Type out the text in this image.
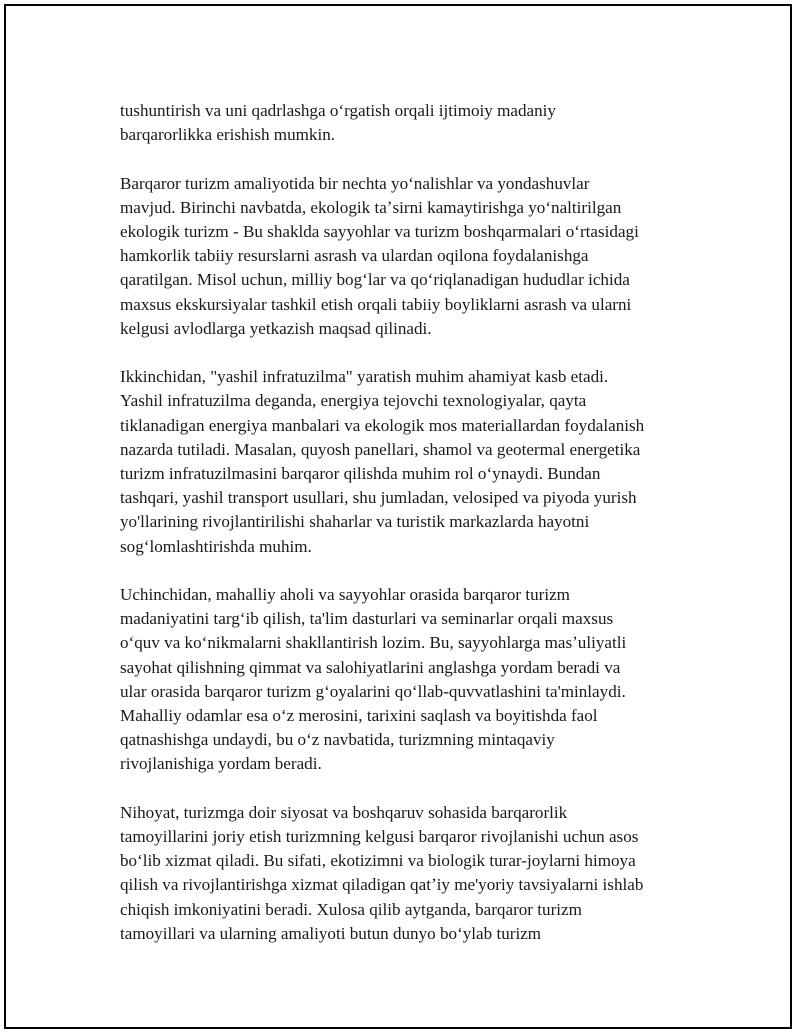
tushuntirish va uni qadrlashga oʻrgatish orqali ijtimoiy madaniy
barqarorlikka erishish mumkin.

Barqaror turizm amaliyotida bir nechta yoʻnalishlar va yondashuvlar
mavjud. Birinchi navbatda, ekologik taʼsirni kamaytirishga yoʻnaltirilgan
ekologik turizm - Bu shaklda sayyohlar va turizm boshqarmalari oʻrtasidagi
hamkorlik tabiiy resurslarni asrash va ulardan oqilona foydalanishga
qaratilgan. Misol uchun, milliy bogʻlar va qoʻriqlanadigan hududlar ichida
maxsus ekskursiyalar tashkil etish orqali tabiiy boyliklarni asrash va ularni
kelgusi avlodlarga yetkazish maqsad qilinadi.

Ikkinchidan, "yashil infratuzilma" yaratish muhim ahamiyat kasb etadi.
Yashil infratuzilma deganda, energiya tejovchi texnologiyalar, qayta
tiklanadigan energiya manbalari va ekologik mos materiallardan foydalanish
nazarda tutiladi. Masalan, quyosh panellari, shamol va geotermal energetika
turizm infratuzilmasini barqaror qilishda muhim rol oʻynaydi. Bundan
tashqari, yashil transport usullari, shu jumladan, velosiped va piyoda yurish
yo'llarining rivojlantirilishi shaharlar va turistik markazlarda hayotni
sogʻlomlashtirishda muhim.

Uchinchidan, mahalliy aholi va sayyohlar orasida barqaror turizm
madaniyatini targʻib qilish, ta'lim dasturlari va seminarlar orqali maxsus
oʻquv va koʻnikmalarni shakllantirish lozim. Bu, sayyohlarga masʼuliyatli
sayohat qilishning qimmat va salohiyatlarini anglashga yordam beradi va
ular orasida barqaror turizm gʻoyalarini qoʻllab-quvvatlashini ta'minlaydi.
Mahalliy odamlar esa oʻz merosini, tarixini saqlash va boyitishda faol
qatnashishga undaydi, bu oʻz navbatida, turizmning mintaqaviy
rivojlanishiga yordam beradi.

Nihoyat, turizmga doir siyosat va boshqaruv sohasida barqarorlik
tamoyillarini joriy etish turizmning kelgusi barqaror rivojlanishi uchun asos
boʻlib xizmat qiladi. Bu sifati, ekotizimni va biologik turar-joylarni himoya
qilish va rivojlantirishga xizmat qiladigan qatʼiy me'yoriy tavsiyalarni ishlab
chiqish imkoniyatini beradi. Xulosa qilib aytganda, barqaror turizm
tamoyillari va ularning amaliyoti butun dunyo boʻylab turizm
